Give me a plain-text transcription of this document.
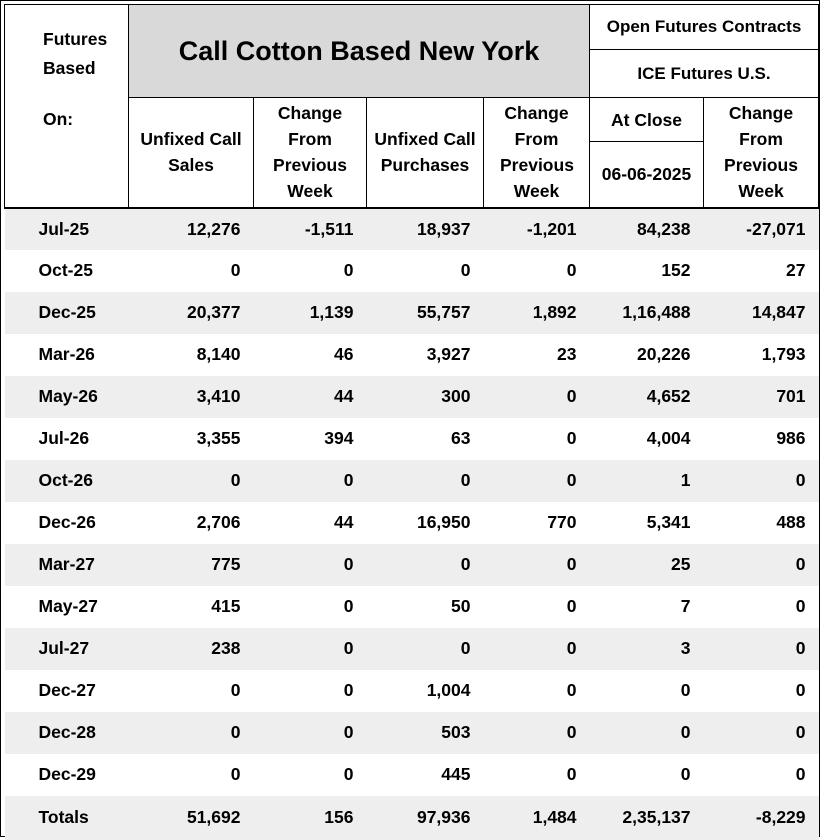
Futures
Based
On:	Call Cotton Based New York				Open Futures Contracts	
					ICE Futures U.S.	
	Unfixed Call Sales	Change From Previous Week	Unfixed Call Purchases	Change From Previous Week	At Close	Change From Previous Week
					06-06-2025	
Jul-25	12,276	-1,511	18,937	-1,201	84,238	-27,071
Oct-25	0	0	0	0	152	27
Dec-25	20,377	1,139	55,757	1,892	1,16,488	14,847
Mar-26	8,140	46	3,927	23	20,226	1,793
May-26	3,410	44	300	0	4,652	701
Jul-26	3,355	394	63	0	4,004	986
Oct-26	0	0	0	0	1	0
Dec-26	2,706	44	16,950	770	5,341	488
Mar-27	775	0	0	0	25	0
May-27	415	0	50	0	7	0
Jul-27	238	0	0	0	3	0
Dec-27	0	0	1,004	0	0	0
Dec-28	0	0	503	0	0	0
Dec-29	0	0	445	0	0	0
Totals	51,692	156	97,936	1,484	2,35,137	-8,229
